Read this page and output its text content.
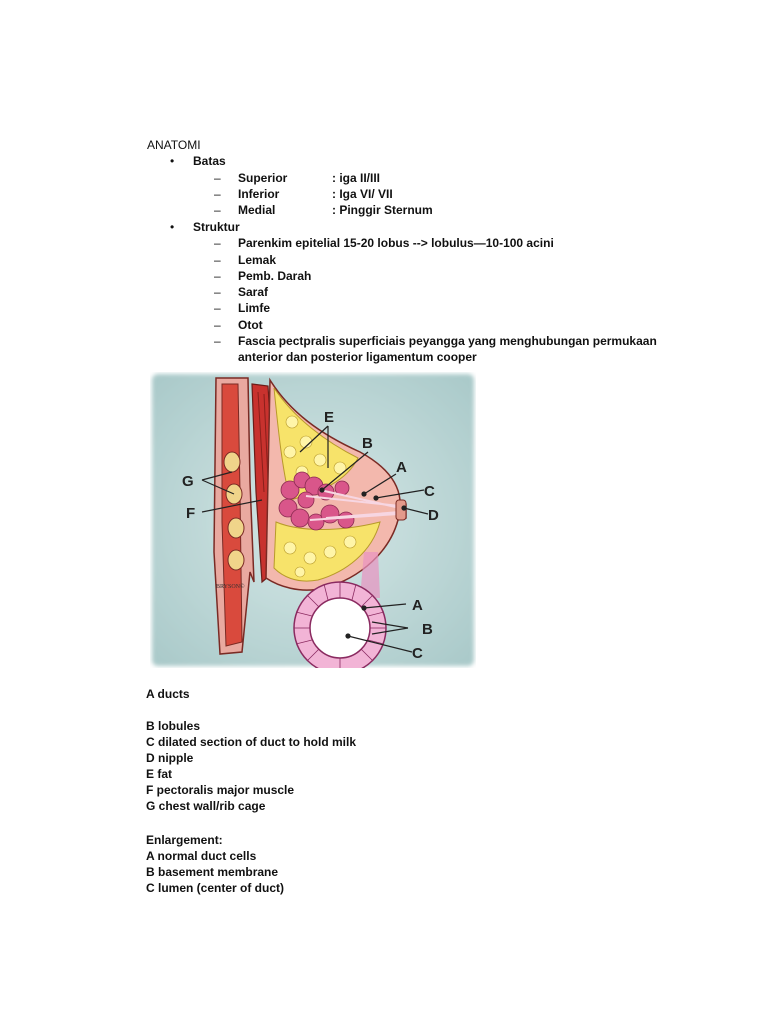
ANATOMI
• Batas
– Superior	: iga II/III
– Inferior	: Iga VI/ VII
– Medial	: Pinggir Sternum
• Struktur
– Parenkim epitelial 15-20 lobus --> lobulus—10-100 acini
– Lemak
– Pemb. Darah
– Saraf
– Limfe
– Otot
– Fascia pectpralis superficiais peyangga yang menghubungan permukaan
anterior dan posterior ligamentum cooper
E
B
A
C
D
G
F
A
B
C
BRYSON©
A ducts
B lobules
C dilated section of duct to hold milk
D nipple
E fat
F pectoralis major muscle
G chest wall/rib cage
Enlargement:
A normal duct cells
B basement membrane
C lumen (center of duct)
